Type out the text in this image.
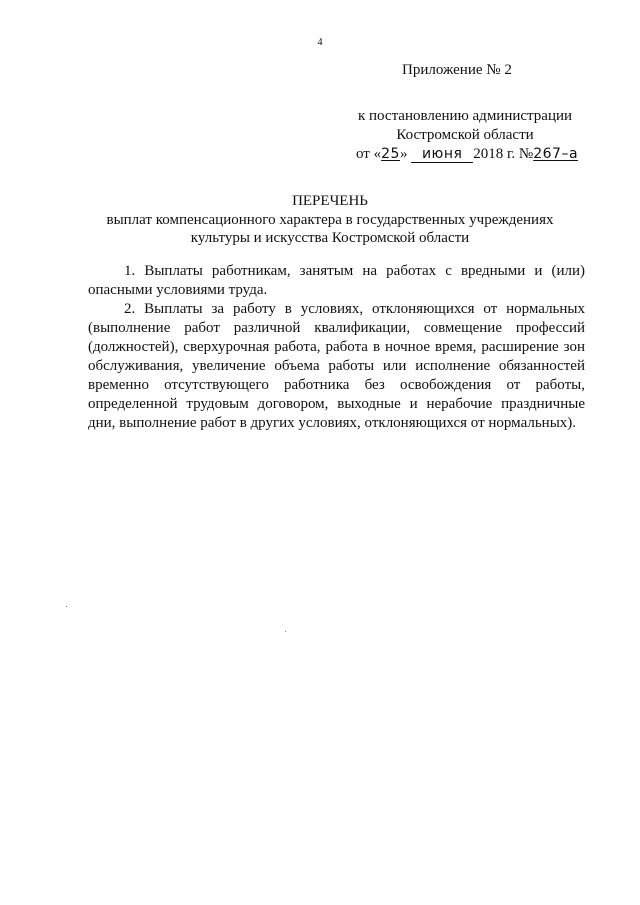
4
Приложение № 2
к постановлению администрации
Костромской области
от «25» июня 2018 г. №267–а
ПЕРЕЧЕНЬ
выплат компенсационного характера в государственных учреждениях
культуры и искусства Костромской области

1. Выплаты работникам, занятым на работах с вредными и (или) опасными условиями труда.

2. Выплаты за работу в условиях, отклоняющихся от нормальных (выполнение работ различной квалификации, совмещение профессий (должностей), сверхурочная работа, работа в ночное время, расширение зон обслуживания, увеличение объема работы или исполнение обязанностей временно отсутствующего работника без освобождения от работы, определенной трудовым договором, выходные и нерабочие праздничные дни, выполнение работ в других условиях, отклоняющихся от нормальных).
